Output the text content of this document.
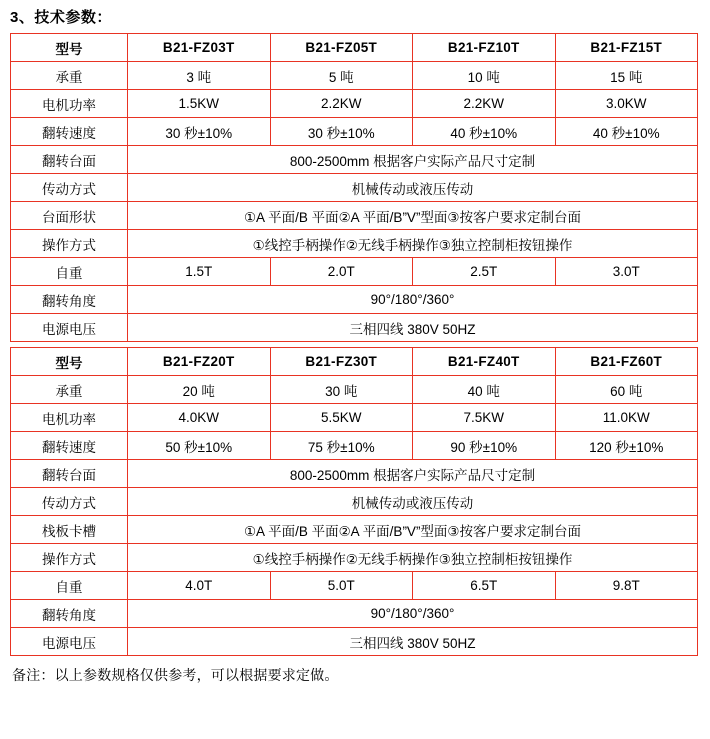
3、技术参数：
型号	B21-FZ03T	B21-FZ05T	B21-FZ10T	B21-FZ15T
承重	3 吨	5 吨	10 吨	15 吨
电机功率	1.5KW	2.2KW	2.2KW	3.0KW
翻转速度	30 秒±10%	30 秒±10%	40 秒±10%	40 秒±10%
翻转台面	800-2500mm 根据客户实际产品尺寸定制			
传动方式	机械传动或液压传动			
台面形状	①A 平面/B 平面②A 平面/B”V”型面③按客户要求定制台面			
操作方式	①线控手柄操作②无线手柄操作③独立控制柜按钮操作			
自重	1.5T	2.0T	2.5T	3.0T
翻转角度	90°/180°/360°			
电源电压	三相四线 380V 50HZ			
型号	B21-FZ20T	B21-FZ30T	B21-FZ40T	B21-FZ60T
承重	20 吨	30 吨	40 吨	60 吨
电机功率	4.0KW	5.5KW	7.5KW	11.0KW
翻转速度	50 秒±10%	75 秒±10%	90 秒±10%	120 秒±10%
翻转台面	800-2500mm 根据客户实际产品尺寸定制			
传动方式	机械传动或液压传动			
栈板卡槽	①A 平面/B 平面②A 平面/B”V”型面③按客户要求定制台面			
操作方式	①线控手柄操作②无线手柄操作③独立控制柜按钮操作			
自重	4.0T	5.0T	6.5T	9.8T
翻转角度	90°/180°/360°			
电源电压	三相四线 380V 50HZ			
备注：以上参数规格仅供参考，可以根据要求定做。
